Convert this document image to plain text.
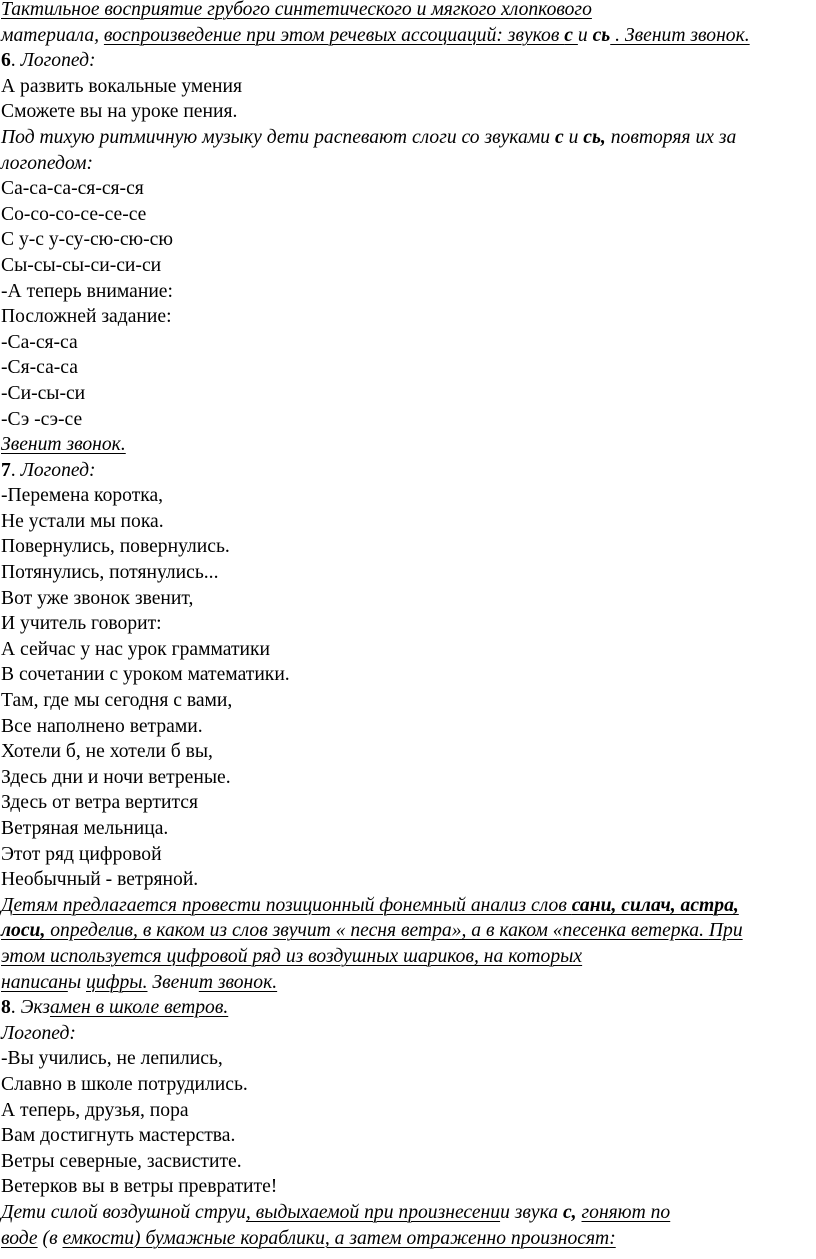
Тактильное восприятие грубого синтетического и мягкого хлопкового

материала, воспроизведение при этом речевых ассоциаций: звуков с и сь . Звенит звонок.

6. Логопед:

А развить вокальные умения

Сможете вы на уроке пения.

Под тихую ритмичную музыку дети распевают слоги со звуками с и сь, повторяя их за

логопедом:

Са-са-са-ся-ся-ся

Со-со-со-се-се-се

С у-с у-су-сю-сю-сю

Сы-сы-сы-си-си-си

-А теперь внимание:

Посложней задание:

-Са-ся-са

-Ся-са-са

-Си-сы-си

-Сэ -сэ-се

Звенит звонок.

7. Логопед:

-Перемена коротка,

Не устали мы пока.

Повернулись, повернулись.

Потянулись, потянулись...

Вот уже звонок звенит,

И учитель говорит:

А сейчас у нас урок грамматики

В сочетании с уроком математики.

Там, где мы сегодня с вами,

Все наполнено ветрами.

Хотели б, не хотели б вы,

Здесь дни и ночи ветреные.

Здесь от ветра вертится

Ветряная мельница.

Этот ряд цифровой

Необычный - ветряной.

Детям предлагается провести позиционный фонемный анализ слов сани, силач, астра,

лоси, определив, в каком из слов звучит « песня ветра», а в каком «песенка ветерка. При

этом используется цифровой ряд из воздушных шариков, на которых

написаны цифры. Звенит звонок.

8. Экзамен в школе ветров.

Логопед:

-Вы учились, не лепились,

Славно в школе потрудились.

А теперь, друзья, пора

Вам достигнуть мастерства.

Ветры северные, засвистите.

Ветерков вы в ветры превратите!

Дети силой воздушной струи, выдыхаемой при произнесении звука с, гоняют по

воде (в емкости) бумажные кораблики, а затем отраженно произносят:
